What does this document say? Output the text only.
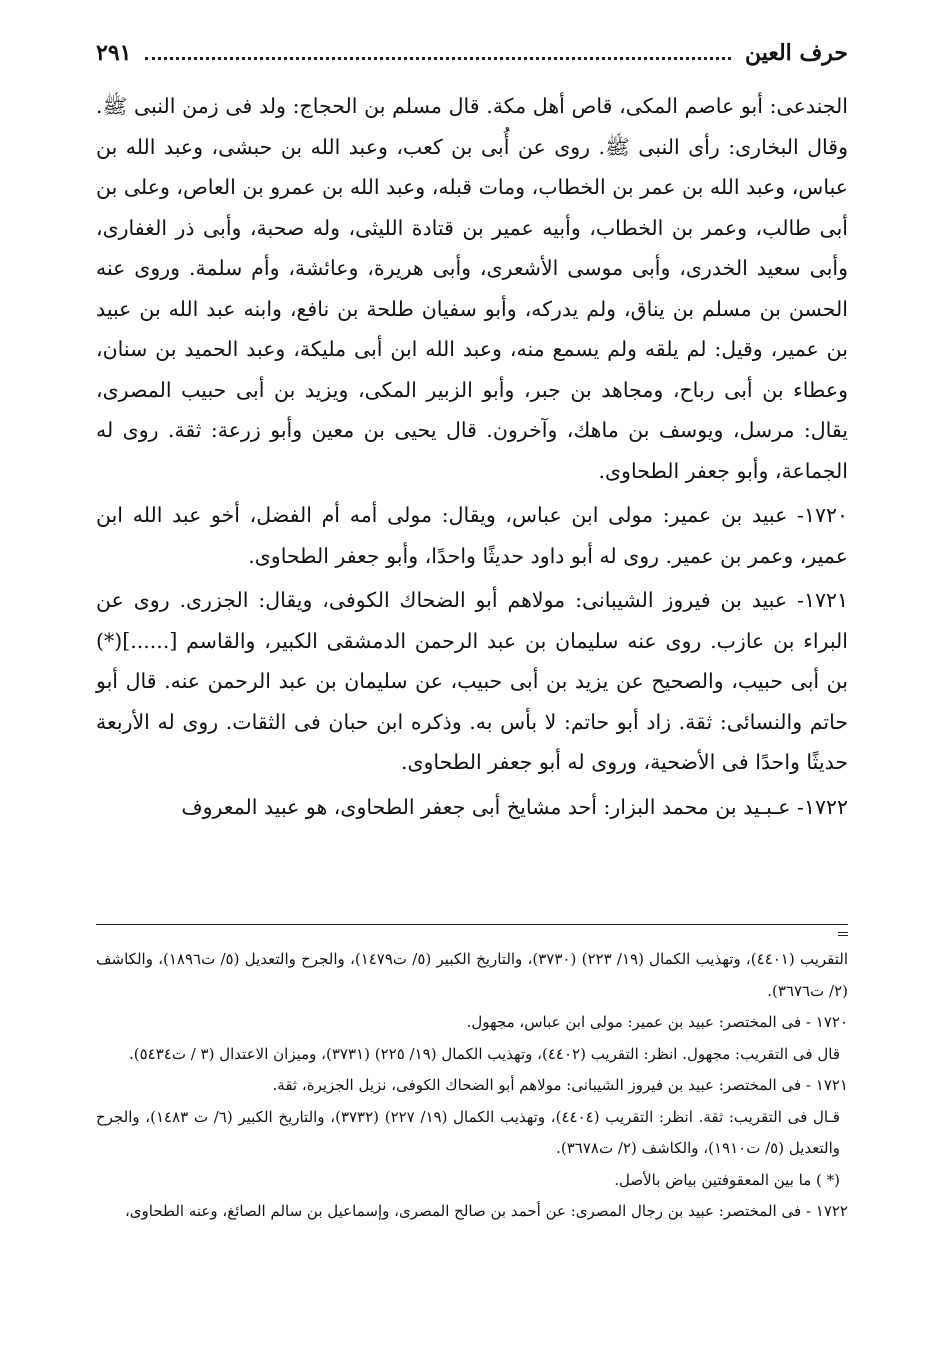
حرف العين
٢٩١

الجندعى: أبو عاصم المكى، قاص أهل مكة. قال مسلم بن الحجاج: ولد فى زمن النبى ﷺ. وقال البخارى: رأى النبى ﷺ. روى عن أُبى بن كعب، وعبد الله بن حبشى، وعبد الله بن عباس، وعبد الله بن عمر بن الخطاب، ومات قبله، وعبد الله بن عمرو بن العاص، وعلى بن أبى طالب، وعمر بن الخطاب، وأبيه عمير بن قتادة الليثى، وله صحبة، وأبى ذر الغفارى، وأبى سعيد الخدرى، وأبى موسى الأشعرى، وأبى هريرة، وعائشة، وأم سلمة. وروى عنه الحسن بن مسلم بن يناق، ولم يدركه، وأبو سفيان طلحة بن نافع، وابنه عبد الله بن عبيد بن عمير، وقيل: لم يلقه ولم يسمع منه، وعبد الله ابن أبى مليكة، وعبد الحميد بن سنان، وعطاء بن أبى رباح، ومجاهد بن جبر، وأبو الزبير المكى، ويزيد بن أبى حبيب المصرى، يقال: مرسل، ويوسف بن ماهك، وآخرون. قال يحيى بن معين وأبو زرعة: ثقة. روى له الجماعة، وأبو جعفر الطحاوى.

١٧٢٠- عبيد بن عمير: مولى ابن عباس، ويقال: مولى أمه أم الفضل، أخو عبد الله ابن عمير، وعمر بن عمير. روى له أبو داود حديثًا واحدًا، وأبو جعفر الطحاوى.

١٧٢١- عبيد بن فيروز الشيبانى: مولاهم أبو الضحاك الكوفى، ويقال: الجزرى. روى عن البراء بن عازب. روى عنه سليمان بن عبد الرحمن الدمشقى الكبير، والقاسم [......](*) بن أبى حبيب، والصحيح عن يزيد بن أبى حبيب، عن سليمان بن عبد الرحمن عنه. قال أبو حاتم والنسائى: ثقة. زاد أبو حاتم: لا بأس به. وذكره ابن حبان فى الثقات. روى له الأربعة حديثًا واحدًا فى الأضحية، وروى له أبو جعفر الطحاوى.

١٧٢٢- عـبـيد بن محمد البزار: أحد مشايخ أبى جعفر الطحاوى، هو عبيد المعروف

التقريب (٤٤٠١)، وتهذيب الكمال (١٩/ ٢٢٣) (٣٧٣٠)، والتاريخ الكبير (٥/ ت١٤٧٩)، والجرح والتعديل (٥/ ت١٨٩٦)، والكاشف (٢/ ت٣٦٧٦).

١٧٢٠ - فى المختصر: عبيد بن عمير: مولى ابن عباس، مجهول.

قال فى التقريب: مجهول. انظر: التقريب (٤٤٠٢)، وتهذيب الكمال (١٩/ ٢٢٥) (٣٧٣١)، وميزان الاعتدال (٣ / ت٥٤٣٤).

١٧٢١ - فى المختصر: عبيد بن فيروز الشيبانى: مولاهم أبو الضحاك الكوفى، نزيل الجزيرة، ثقة.

قـال فى التقريب: ثقة. انظر: التقريب (٤٤٠٤)، وتهذيب الكمال (١٩/ ٢٢٧) (٣٧٣٢)، والتاريخ الكبير (٦/ ت ١٤٨٣)، والجرح والتعديل (٥/ ت١٩١٠)، والكاشف (٢/ ت٣٦٧٨).

(* ) ما بين المعقوفتين بياض بالأصل.

١٧٢٢ - فى المختصر: عبيد بن رجال المصرى: عن أحمد بن صالح المصرى، وإسماعيل بن سالم الصائغ، وعنه الطحاوى،
